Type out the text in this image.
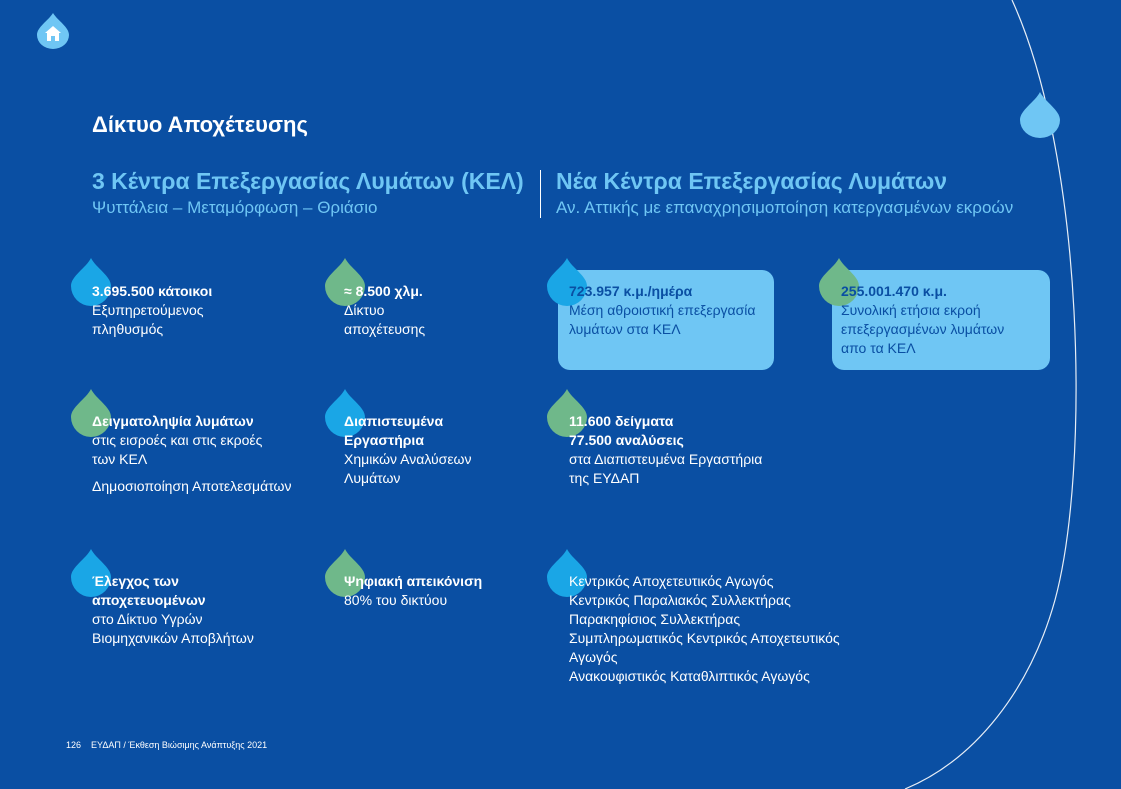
Δίκτυο Αποχέτευσης
3 Κέντρα Επεξεργασίας Λυμάτων (ΚΕΛ)
Ψυττάλεια – Μεταμόρφωση – Θριάσιο
Νέα Κέντρα Επεξεργασίας Λυμάτων
Αν. Αττικής με επαναχρησιμοποίηση κατεργασμένων εκροών
3.695.500 κάτοικοι
Εξυπηρετούμενος
πληθυσμός
≈ 8.500 χλμ.
Δίκτυο
αποχέτευσης
723.957 κ.μ./ημέρα
Μέση αθροιστική επεξεργασία
λυμάτων στα ΚΕΛ
255.001.470 κ.μ.
Συνολική ετήσια εκροή
επεξεργασμένων λυμάτων
απο τα ΚΕΛ
Δειγματοληψία λυμάτων
στις εισροές και στις εκροές
των ΚΕΛ
Δημοσιοποίηση Αποτελεσμάτων
Διαπιστευμένα
Εργαστήρια
Χημικών Αναλύσεων
Λυμάτων
11.600 δείγματα
77.500 αναλύσεις
στα Διαπιστευμένα Εργαστήρια
της ΕΥΔΑΠ
Έλεγχος των
αποχετευομένων
στο Δίκτυο Υγρών
Βιομηχανικών Αποβλήτων
Ψηφιακή απεικόνιση
80% του δικτύου
Κεντρικός Αποχετευτικός Αγωγός
Κεντρικός Παραλιακός Συλλεκτήρας
Παρακηφίσιος Συλλεκτήρας
Συμπληρωματικός Κεντρικός Αποχετευτικός
Αγωγός
Ανακουφιστικός Καταθλιπτικός Αγωγός
126 ΕΥΔΑΠ / Έκθεση Βιώσιμης Ανάπτυξης 2021
